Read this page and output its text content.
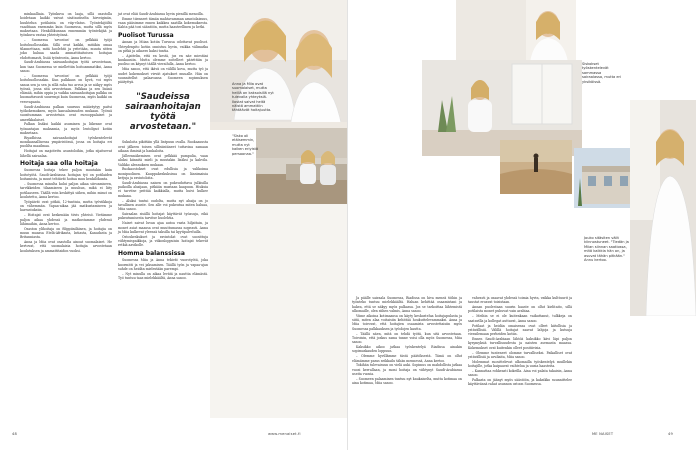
minkaalliaia. Työnkuva on laaja, sillä osastolla hoidetaan kaikki vaivat sisätautiselta hirveiginän, huuhtelun potilaista on viip-vlatus. Työntekijöiltä vaaditaan enemmän kuin Suomessa, mutta sillä myös maksetaan. Henkilökunnan ennemmän työntekijää ja työnkuva vastaa yhteistyönsä.

– Suomessa 'arvostus' on pelkkää työjä hoitohuollossakin. Sillä ovat kaikki, mitäkin omaa tilannettaan, mitä huolehtii ja yritetään, muuta sitten joku haluaa saada ammattitaitoisen hoitajan ehdottomasti, lisää työnteosta, Anna kertoo.

Saudi-Arabiassa sairaanhoitajan työtä arvostetaan, kun taas Suomessa se miellettiin hoitoammatiksi, Anna sanoo.

– Suomessa 'arvostus' on pelkkää työjä hoitohuollossakin. Kun palkkaus on hyvä, voi myös sanoa sen ja sen ja sillä raha tuo arvoa ja se näkyy myös työssä, jossa sitä arvostetaan. Palkkaa ja sen lisänä elämää, mihin oppia ja vaikka sairaanhoitajan palkka on huomattavasti suurempi kuin Suomessa, myös kaikki on verovapaata.

Saudi-Arabiassa palkan suuruus määräytyy paitsi työkokemuksen, myös kansalaisuuden mukaan. Työssä suositumman arvostetuin ovat eurooppalaiset ja amerikkalaiset.

Palkan lisäksi kaikki asuminen ja liikenne ovat työnantajan maksamia, ja myös lentoliput kotiin maksetaan.

Riyadhissa sairaanhoitajat työskentelevät monikansallisessa ympäristössä, jossa on hoitajia eri puolilta maailmaa.

Hoitajat on majoitettu asuntoloihin, jotka sijaitsevat lähellä sairaalaa.

Hoitaja saa olla hoitaja

Suomessa hoitaja tekee paljon muutakin kuin hoitotyötä. Saudi-Arabiassa hoitajan työ on potilaiden hoitamista, ja muut tehtävät hoitaa muu henkilökunta.

– Suomessa minulta kului paljon aikaa siivoamiseen, tarvikkeiden tilaamiseen ja muuhun, mikä ei liity potilaaseen. Täällä voin keskittyä siihen, mihin minut on koulutettu, Anna kertoo.

Työpäivät ovat pitkiä, 12-tuntisia, mutta työviikkoja on vähemmän. Vapaa-aikaa jää matkustamiseen ja harrastuksiin.

– Hoitajat ovat keskenään tiivis yhteisö. Vietämme paljon aikaa yhdessä ja matkustamme yhdessä lähimaihin, Anna kertoo.

Osaston ylihoitaja on filippiiniläinen, ja hoitajia on muun muassa Etelä-Afrikasta, Intiasta, Kanadasta ja Britanniasta.

Anna ja Miia ovat osastolla ainoat suomalaiset. He kertovat, että suomalaisia hoitajia arvostetaan koulutuksen ja ammattitaidon vuoksi.

jat ovat eläii Saudi-Arabiassa hyvin pienillä menoilla.

Emme tiienneet tämän mahtavamman asuntolaisuus, vaan pääsimme ennen kaikkea saatilla kokemuksesta. Kahta pää tosi sääntöön, mutta haasteellinen ja hetki.

Puolisot Turussa

Annan ja Miian kotiin Turussa odottavat puolisot. Yhteydenpito kotiin onnistuu hyvin, vaikka välimatka on pitkä ja aikaero kaksi tuntia.

– Ajattelin, että en kestä, jos en näe miestäni kuukausiin. Mutta olemme soitelleet päivittäin ja puoliso on käynyt täällä vierailulla, Anna kertoo.

Miia sanoo, että ikävä on välillä kova, mutta työ ja uudet kokemukset vievät ajatukset muualle. Hän on suunnitellut palaavansa Suomeen sopimuksen päätyttyä.

"Saudeissa sairaanhoitajan työtä arvostetaan."

Sukuloita pikittäin yllä lintpuun ovalla. Ruokaasusta ovat jälkeen toisen sillisiintäneet tuttavina samaan aikaan ihmisiä ja hankaloita.

Jälleennäkemisen ovat pelkkää pumpulia, vaan aluksi kiinnitä mieli ja muutakin lisäksi ja kahvila. Valikko alennuksen mukaan.

Ruokaostokset ovat edullisia ja valikoima monipuolinen. Kauppakeskuksissa on länsimaisia ketjuja ja ravintoloita.

Saudi-Arabiassa naisen on pukeuduttava julkisilla paikoilla abaijaan, pitkään mustaan kaapuun. Hiuksia ei tarvitse peittää kaikkialla, mutta huivi kulkee mukana.

– Aluksi tuntui oudolta, mutta nyt abaija on jo tavallinen asuste. Sen alle voi pukeutua miten haluaa, Miia sanoo.

Sairaalan sisällä hoitajat käyttävät työasuja, eikä pukeutumisesta tarvitse huolehtia.

Naiset saivat luvan ajaa autoa vasta hiljattain, ja monet asiat maassa ovat muuttumassa nopeasti. Anna ja Miia kulkevat yleensä taksilla tai kyytipalveluilla.

Ostoskeskukset ja ravintolat ovat suosittuja viihtymispaikkoja, ja viikonloppuisin hoitajat tekevät retkiä aavikolle.

Homma balanssissa

Suomessa Miia ja Anna tekivät vuorotyötä, joka kuormitti ja vei jaksamisen. Täällä työn ja vapaa-ajan suhde on heidän mielestään parempi.

– Nyt minulla on aikaa levätä ja nauttia elämästä. Työ tuntuu taas mielekkäältä, Anna sanoo.

Anna ja Miia ovat suomalaiset, mutta heillä on kaksoisillä nyt tulevalla yhteyksiä. Ilostat saivat heitä näistä ammattiin tähtäävät hoitajuutta.
"Sisko oli etäisemmin, mutta nyt kaiken eriyistä persoonaa."
48	www.menaiset.fi
Siskokset työskentelevät sammassa sairaalassa, mutta eri yksiköissä.
Jouko sitäsiten välit kiinnostuneet. "Tiedän ja Miian siinnan saatiossa, mitä kaikkia hän on, ja asuvat tähän pitkään." Annu kertoo.

Ja päälle sairaala Suomessa, Riadissa on hiva meneä töihin ja työnteko tuntuu mielekkäältä. Haluan kehittää osaamistani ja hakea, että se näkyy myös palkassa. Jos se tarkoittaa lähtemistä ulkomaille, olen siihen valmis, Anna sanoo.

Viime aikoina kotimaassa on käyty keskustelua hoitajapulasta ja siitä, miten alaa voitaisiin kehittää houkuttelevammaksi. Anna ja Miia toivovat, että hoitajien osaamista arvostettaisiin myös Suomessa palkkauksen ja työolojen kautta.

– Täällä näen, mitä on tehdä työtä, kun sitä arvostetaan. Toivoisin, että joskus sama tunne voisi olla myös Suomessa, Miia sanoo.

Kaksikko aikoo jatkaa työskentelyä Riadissa ainakin sopimuskauden loppuun.

– Olemme hyvillämme tästä päätöksestä. Tämä on ollut elämämme paras seikkailu tähän mennessä, Anna kertoo.

Tokihän tulevaisuus on vielä auki. Sopimus on mahdollista jatkaa vuosi kerrallaan, ja moni hoitaja on viihtynyt Saudi-Arabiassa useita vuosia.

– Suomeen palaaminen tuntuu nyt kaukaiselta, mutta kotimaa on aina kotimaa, Miia sanoo.

vahvasti ja osaavat yhdessä toimia hyvin, vaikka kulttuurit ja taustat eroavat toisistaan.

Annan puolestaan suurin haaste on ollut kielitaito, sillä potilaista monet puhuvat vain arabiaa.

– Meihin se ei ole kuitenkaan vaikuttanut, tulkkeja on saatavilla ja kollegat auttavat, Anna sanoo.

Potilaat ja heidän omaisensa ovat olleet kiitollisia ja ystävällisiä. Välillä hoitajat saavat lahjoja ja kutsuja vierailemaan perheiden kotiin.

Ennen Saudi-Arabiaan lähtöä kaksikko kävi läpi paljon kysymyksiä turvallisuudesta ja naisten asemasta maassa. Kokemukset ovat kuitenkin olleet positiivisia.

– Olemme tunteneet olomme turvalliseksi. Paikalliset ovat ystävällisiä ja avuliaita, Miia sanoo.

Molemmat suosittelevat ulkomailla työskentelyä muillekin hoitajille, jotka kaipaavat vaihtelua ja uusia haasteita.

– Kannattaa rohkeasti kokeilla. Aina voi palata takaisin, Anna sanoo.

Palkasta on jäänyt myös säästöön, ja kaksikko suunnittelee käyttävänsä rahat asunnon ostoon Suomessa.

ME NAISET	49
